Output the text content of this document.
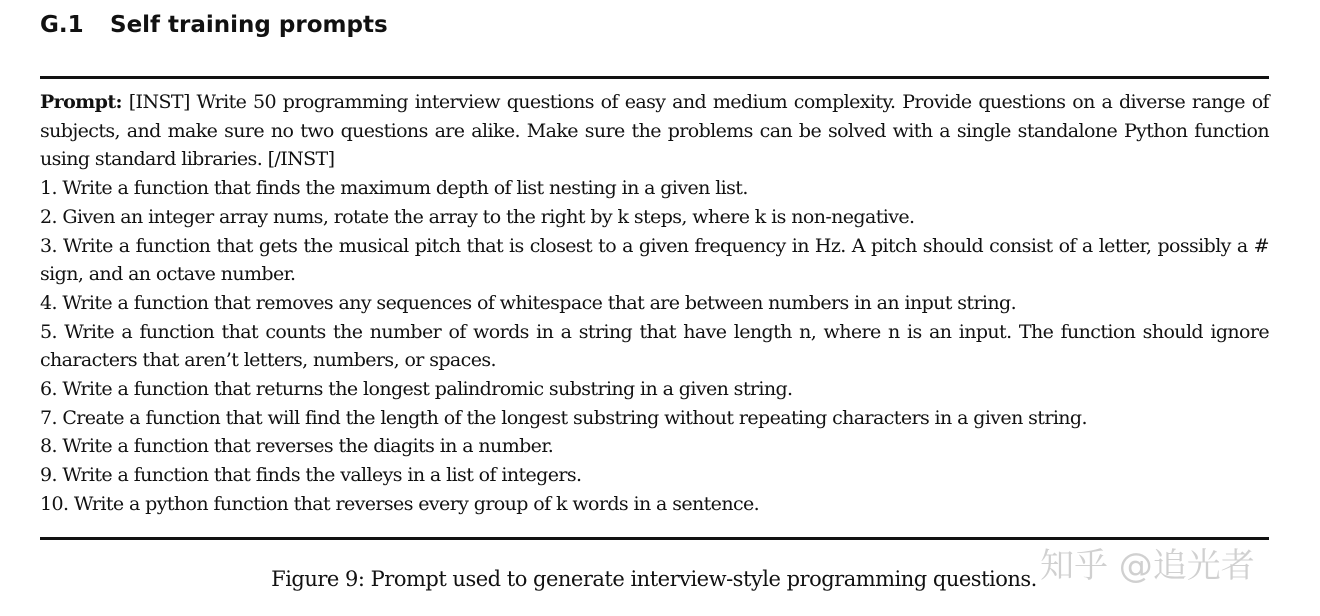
G.1 Self training prompts

Prompt: [INST] Write 50 programming interview questions of easy and medium complexity. Provide questions on a diverse range of subjects, and make sure no two questions are alike. Make sure the problems can be solved with a single standalone Python function using standard libraries. [/INST]

1. Write a function that finds the maximum depth of list nesting in a given list.

2. Given an integer array nums, rotate the array to the right by k steps, where k is non-negative.

3. Write a function that gets the musical pitch that is closest to a given frequency in Hz. A pitch should consist of a letter, possibly a # sign, and an octave number.

4. Write a function that removes any sequences of whitespace that are between numbers in an input string.

5. Write a function that counts the number of words in a string that have length n, where n is an input. The function should ignore characters that aren’t letters, numbers, or spaces.

6. Write a function that returns the longest palindromic substring in a given string.

7. Create a function that will find the length of the longest substring without repeating characters in a given string.

8. Write a function that reverses the diagits in a number.

9. Write a function that finds the valleys in a list of integers.

10. Write a python function that reverses every group of k words in a sentence.

Figure 9: Prompt used to generate interview-style programming questions. 知乎 @追光者
